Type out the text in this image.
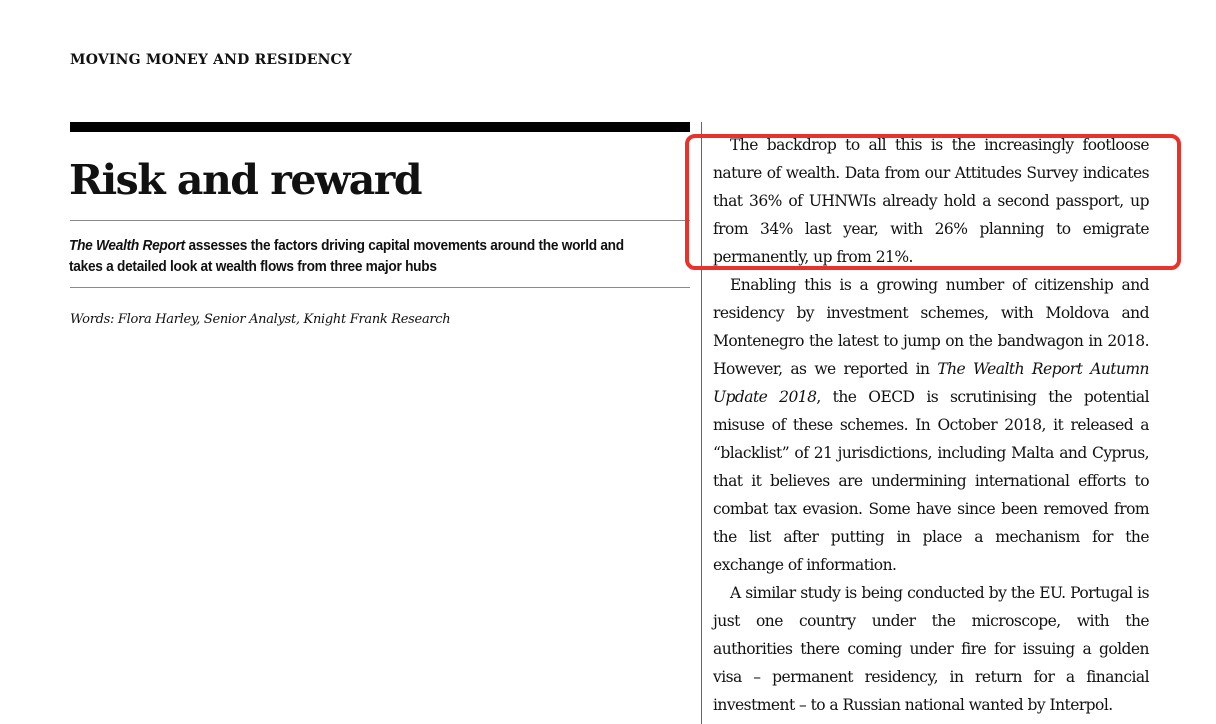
MOVING MONEY AND RESIDENCY
Risk and reward

The Wealth Report assesses the factors driving capital movements around the world and takes a detailed look at wealth flows from three major hubs

Words: Flora Harley, Senior Analyst, Knight Frank Research

The backdrop to all this is the increasingly footloose nature of wealth. Data from our Attitudes Survey indicates that 36% of UHNWIs already hold a second passport, up from 34% last year, with 26% planning to emigrate permanently, up from 21%.

Enabling this is a growing number of citizenship and residency by investment schemes, with Moldova and Montenegro the latest to jump on the bandwagon in 2018. However, as we reported in The Wealth Report Autumn Update 2018, the OECD is scrutinising the potential misuse of these schemes. In October 2018, it released a “blacklist” of 21 jurisdictions, including Malta and Cyprus, that it believes are undermining international efforts to combat tax evasion. Some have since been removed from the list after putting in place a mechanism for the exchange of information.

A similar study is being conducted by the EU. Portugal is just one country under the microscope, with the authorities there coming under fire for issuing a golden visa – permanent residency, in return for a financial investment – to a Russian national wanted by Interpol.
